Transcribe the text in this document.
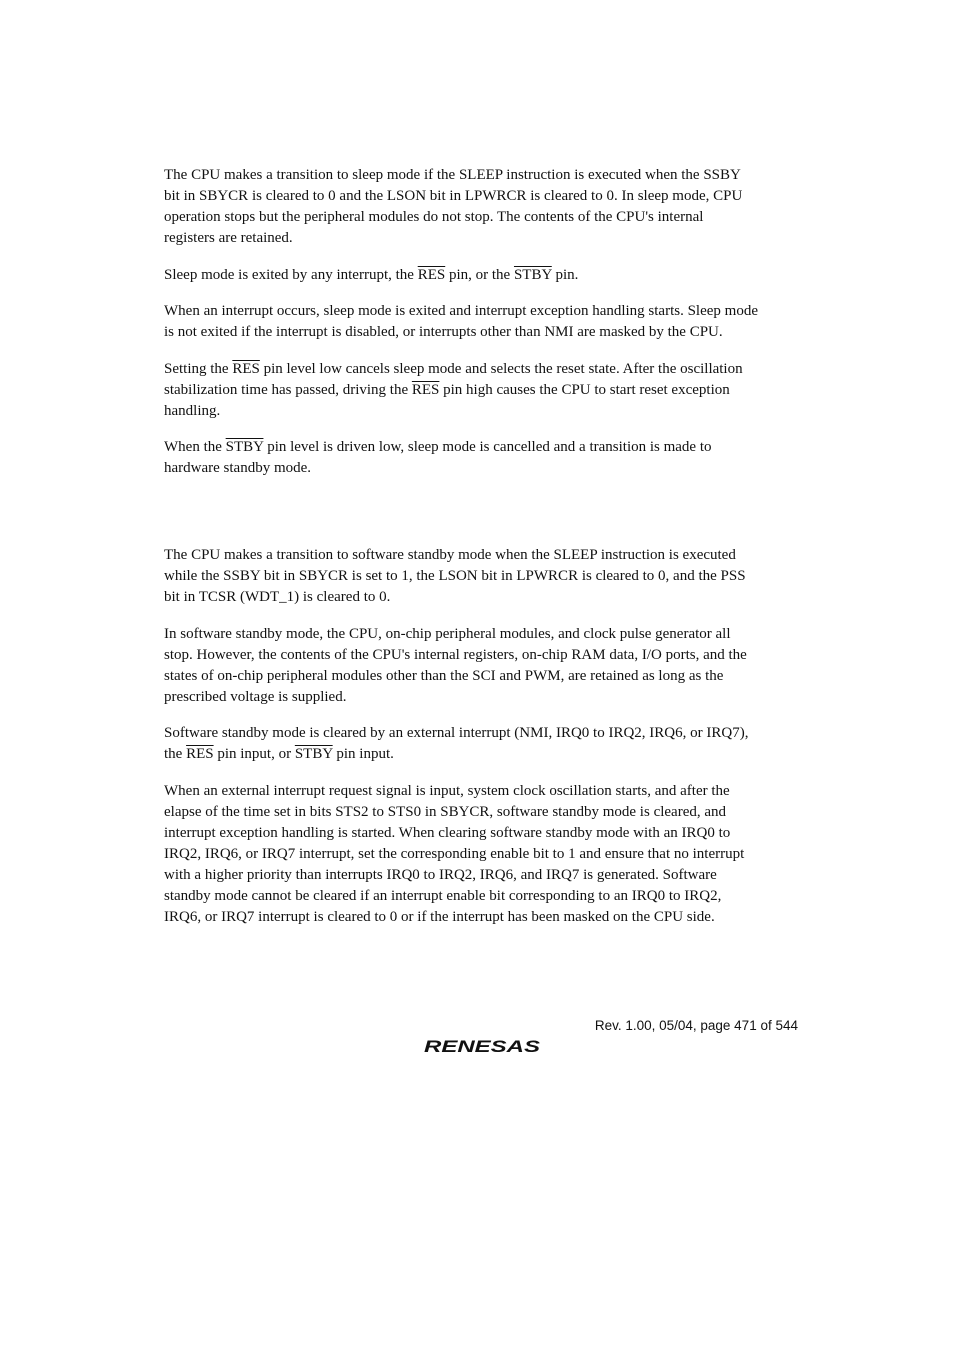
The CPU makes a transition to sleep mode if the SLEEP instruction is executed when the SSBY
bit in SBYCR is cleared to 0 and the LSON bit in LPWRCR is cleared to 0. In sleep mode, CPU
operation stops but the peripheral modules do not stop. The contents of the CPU's internal
registers are retained.

Sleep mode is exited by any interrupt, the $\overline{RES}$ pin, or the STBY pin.

When an interrupt occurs, sleep mode is exited and interrupt exception handling starts. Sleep mode
is not exited if the interrupt is disabled, or interrupts other than NMI are masked by the CPU.

Setting the $\overline{RES}$ pin level low cancels sleep mode and selects the reset state. After the oscillation
stabilization time has passed, driving the $\overline{RES}$ pin high causes the CPU to start reset exception
handling.

When the STBY pin level is driven low, sleep mode is cancelled and a transition is made to
hardware standby mode.

The CPU makes a transition to software standby mode when the SLEEP instruction is executed
while the SSBY bit in SBYCR is set to 1, the LSON bit in LPWRCR is cleared to 0, and the PSS
bit in TCSR (WDT_1) is cleared to 0.

In software standby mode, the CPU, on-chip peripheral modules, and clock pulse generator all
stop. However, the contents of the CPU's internal registers, on-chip RAM data, I/O ports, and the
states of on-chip peripheral modules other than the SCI and PWM, are retained as long as the
prescribed voltage is supplied.

Software standby mode is cleared by an external interrupt (NMI, IRQ0 to IRQ2, IRQ6, or IRQ7),
the $\overline{RES}$ pin input, or STBY pin input.

When an external interrupt request signal is input, system clock oscillation starts, and after the
elapse of the time set in bits STS2 to STS0 in SBYCR, software standby mode is cleared, and
interrupt exception handling is started. When clearing software standby mode with an IRQ0 to
IRQ2, IRQ6, or IRQ7 interrupt, set the corresponding enable bit to 1 and ensure that no interrupt
with a higher priority than interrupts IRQ0 to IRQ2, IRQ6, and IRQ7 is generated. Software
standby mode cannot be cleared if an interrupt enable bit corresponding to an IRQ0 to IRQ2,
IRQ6, or IRQ7 interrupt is cleared to 0 or if the interrupt has been masked on the CPU side.

Rev. 1.00, 05/04, page 471 of 544
RENESAS
